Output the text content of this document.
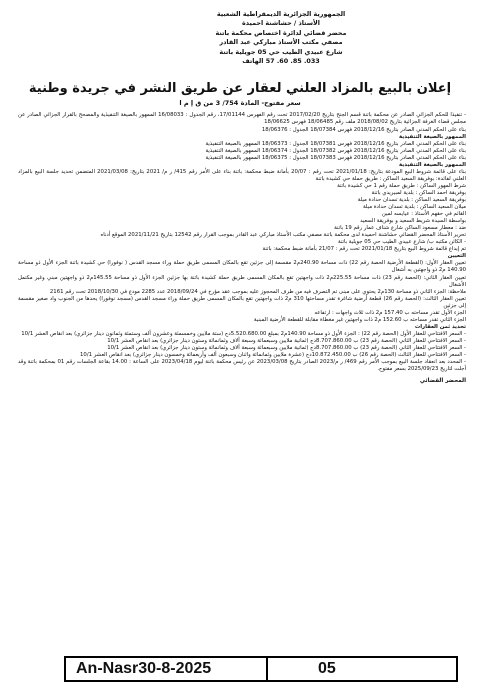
الجمهورية الجزائرية الديمقراطية الشعبية
الأستاذ / حشاشنة احميدة
محضر قضائي لدائرة اختصاص محكمة باتنة
مصفي مكتب الأستاذ مباركي عبد القادر
شارع عبيدي الطيب حي 05 جويلية باتنة
033. 85. 60. 57 الهاتف
إعلان بالبيع بالمزاد العلني لعقار عن طريق النشر في جريدة وطنية
سعر مفتوح- المادة 754/ 3 من ق إ م ا

- تنفيذا للحكم الجزائي الصادر عن محكمة باتنة قسم الجنح بتاريخ 2017/02/20 تحت رقم الفهرس 17/01144، رقم الجدول : 16/08033 الممهور بالصيغة التنفيذية والمصحح بالقرار الجزائي الصادر عن مجلس قضاء الغرفة الجزائية بتاريخ 2018/08/02 ملف رقم 18/06485 فهرس 18/06625

بناء على الحكم المدني الصادر بتاريخ 2018/12/16 فهرس 18/07384 الجدول : 18/06376

الممهور بالصيغة التنفيذية

بناء على الحكم المدني الصادر بتاريخ 2018/12/16 فهرس 18/07381 الجدول : 18/06373 الممهور بالصيغة التنفيذية

بناء على الحكم المدني الصادر بتاريخ 2018/12/16 فهرس 18/07382 الجدول : 18/06374 الممهور بالصيغة التنفيذية

بناء على الحكم المدني الصادر بتاريخ 2018/12/16 فهرس 18/07383 الجدول : 18/06375 الممهور بالصيغة التنفيذية

الممهور بالصيغة التنفيذية

بناء على قائمة شروط البيع المودعة بتاريخ: 2021/01/18 تحت رقم : 20/07 بأمانة ضبط محكمة: باتنة بناء على الأمر رقم 415/ ر م/ 2021 بتاريخ: 2021/03/08 المتضمن تحديد جلسة البيع بالمزاد العلني لفائدة: بوفريقة السعيد الساكن : طريق حملة حي كشيدة باتنة

شرط المهور الساكن : طريق حملة رقم 1 حي كشيدة باتنة

بوفريقة احمد الساكن : بلدية لمبيريدي باتنة

بوفريقة السعيد الساكن : بلدية تسدان حدادة ميلة

ميلان السعيد الساكن : بلدية تسدان حدادة ميلة

القائم في حقهم الأستاذ : عيايسه لمين

بواسطة السيدة شريط السعيد و بوفريقة السعيد

ضد : معطار مسعود الساكن شارع شناف عمار رقم 19 باتنة

تحرير الأستاذ المحضر القضائي حشاشنة احميدة لدى محكمة باتنة مصفي مكتب الأستاذ مباركي عبد القادر بموجب القرار رقم 12542 بتاريخ 2021/11/21 الموقع أدناه

- الكائن مكتبه ب/ شارع عبيدي الطيب حي 05 جويلية باتنة

تم إيداع قائمة شروط البيع بتاريخ 2021/01/18 تحت رقم : 21/07 بأمانة ضبط محكمة: باتنة

التعيين

تعيين العقار الأول: (القطعة الأرضية الحصة رقم 22) ذات مساحة 240.90م2 مقسمة إلى جزئين تقع بالمكان المسمى طريق حملة وراء مسجد القدس ( نوفورا) حي كشيدة باتنة الجزء الأول ذو مساحة 140.90 م2 ذو واجهتين به أشغال

تعيين العقار الثاني: (الحصة رقم 23) ذات مساحة 225.55م2 ذات واجهتين تقع بالمكان المسمى طريق حملة كشيدة باتنة بها جزئين الجزء الأول ذو مساحة 145.55م2 ذو واجهتين مبني وغير مكتمل الأشغال

ملاحظة: الجزء الثاني ذو مساحة 130م2 يحتوي على مبنى تم التصرف فيه من طرف المحجوز عليه بموجب عقد مؤرخ في 2018/09/24 عدد 2285 مودع في 2018/10/30 تحت رقم 2161

تعيين العقار الثالث: (الحصة رقم 26) قطعة أرضية شاغرة تقدر مساحتها 310 م2 ذات واجهتين تقع بالمكان المسمى طريق حملة وراء مسجد القدس (مسجد نوفورا) يحدها من الجنوب واد صغير مقسمة إلى جزئين

الجزء الأول تقدر مساحته ب 157.40 م2 ذات ثلاث واجهات : ارتفاعه

الجزء الثاني تقدر مساحته ب 152.60 م2 ذات واجهتين غير مغطاة مقابلة للقطعة الأرضية المبنية

تحديد ثمن العقارات

- السعر الافتتاحي للعقار الأول (الحصة رقم 22) : الجزء الأول ذو مساحة 140.90م2 بمبلغ 5.520.680.00دج (ستة ملايين وخمسمئة وعشرون ألف وستمئة وثمانون دينار جزائري) بعد انقاص العشر 10/1

- السعر الافتتاحي للعقار الثاني (الحصة رقم 23) ب 8.707.860.00دج (ثمانية ملايين وسبعمائة وسبعة آلاف وثمانمائة وستون دينار جزائري) بعد انقاص العشر 10/1

- السعر الافتتاحي للعقار الثاني (الحصة رقم 23) ب 8.707.860.00دج (ثمانية ملايين وسبعمائة وسبعة آلاف وثمانمائة وستون دينار جزائري) بعد انقاص العشر 10/1

- السعر الافتتاحي للعقار الثالث (الحصة رقم 26) ب 10.872.450.00دج (عشرة ملايين وثمانمائة واثنان وسبعون ألف وأربعمائة وخمسون دينار جزائري) بعد انقاص العشر 10/1

- المحدد بعد انعقاد جلسة البيع بموجب الأمر رقم 469/ ر م/2023 الصادر بتاريخ 2023/03/08 عن رئيس محكمة باتنة ليوم 2023/04/18 على الساعة : 14.00 بقاعة الجلسات رقم 01 بمحكمة باتنة وقد أجلت لتاريخ 2025/09/23 بسعر مفتوح.

المحضر القضائي
An-Nasr30-8-2025	05
